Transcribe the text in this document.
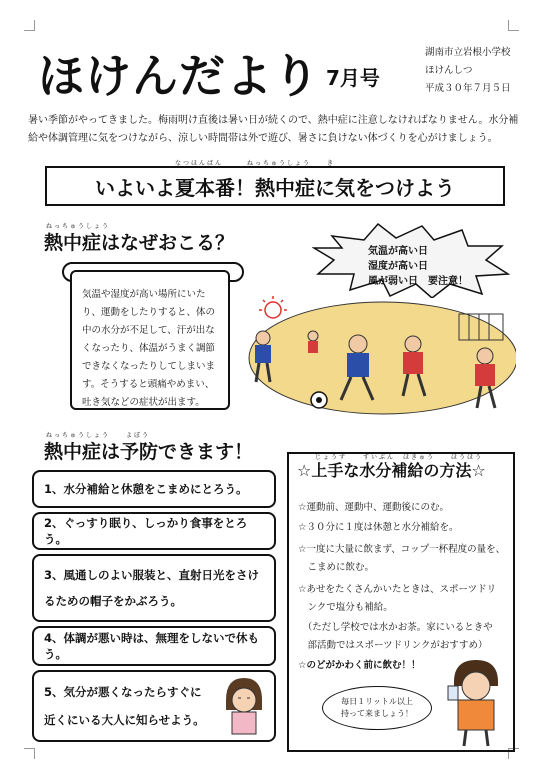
ほけんだより 7月号
湖南市立岩根小学校
ほけんしつ
平成３０年７月５日
暑い季節がやってきました。梅雨明け直後は暑い日が続くので、熱中症に注意しなければなりません。水分補給や体調管理に気をつけながら、涼しい時間帯は外で遊び、暑さに負けない体づくりを心がけましょう。
なつほんばん　　　ねっちゅうしょう　　き
いよいよ夏本番！熱中症に気をつけよう
ねっちゅうしょう
熱中症はなぜおこる？
気温や湿度が高い場所にいたり、運動をしたりすると、体の中の水分が不足して、汗が出なくなったり、体温がうまく調節できなくなったりしてしまいます。そうすると頭痛やめまい、吐き気などの症状が出ます。
気温が高い日
湿度が高い日
風が弱い日　要注意！
ねっちゅうしょう　　よぼう
熱中症は予防できます！
1、水分補給と休憩をこまめにとろう。
2、ぐっすり眠り、しっかり食事をとろう。
3、風通しのよい服装と、直射日光をさけるための帽子をかぶろう。
4、体調が悪い時は、無理をしないで休もう。
5、気分が悪くなったらすぐに近くにいる大人に知らせよう。
じょうず　　すいぶん　ほきゅう　　ほうほう
☆上手な水分補給の方法☆
☆運動前、運動中、運動後にのむ。
☆３０分に１度は休憩と水分補給を。
☆一度に大量に飲まず、コップ一杯程度の量を、
　こまめに飲む。
☆あせをたくさんかいたときは、スポーツドリ
　ンクで塩分も補給。
　（ただし学校では水かお茶。家にいるときや
　部活動ではスポーツドリンクがおすすめ）
☆のどがかわく前に飲む！！
毎日１リットル以上
持って来ましょう！
